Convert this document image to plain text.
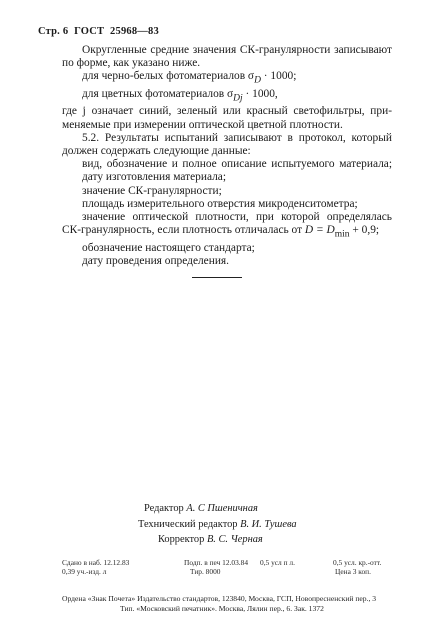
Стр. 6 ГОСТ 25968—83
Округленные средние значения СК-гранулярности записывают
по форме, как указано ниже.
для черно-белых фотоматериалов $\sigma_D \cdot 1000$;
для цветных фотоматериалов $\sigma_{Dj} \cdot 1000$,
где j означает синий, зеленый или красный светофильтры, при-
меняемые при измерении оптической цветной плотности.
5.2. Результаты испытаний записывают в протокол, который
должен содержать следующие данные:
вид, обозначение и полное описание испытуемого материала;
дату изготовления материала;
значение СК-гранулярности;
площадь измерительного отверстия микроденситометра;
значение оптической плотности, при которой определялась
СК-гранулярность, если плотность отличалась от $D = D_{min} + 0,9$;
обозначение настоящего стандарта;
дату проведения определения.
Редактор А. С Пшеничная
Технический редактор В. И. Тушева
Корректор В. С. Черная
Сдано в наб. 12.12.83	Подп. в печ 12.03.84 0,5 усл п л.	0,5 усл. кр.-отт.
0,39 уч.-изд. л	Тир. 8000	Цена 3 коп.
Ордена «Знак Почета» Издательство стандартов, 123840, Москва, ГСП, Новопресненский пер., 3
Тип. «Московский печатник». Москва, Лялин пер., 6. Зак. 1372
